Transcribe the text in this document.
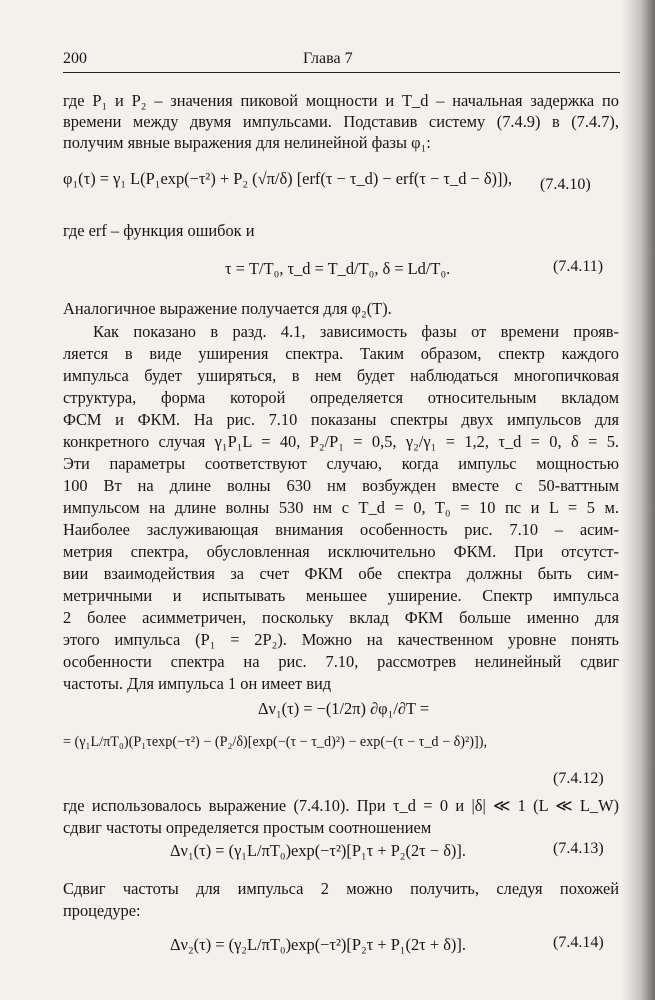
200	Глава 7
где P₁ и P₂ – значения пиковой мощности и T_d – начальная задержка по
времени между двумя импульсами. Подставив систему (7.4.9) в (7.4.7),
получим явные выражения для нелинейной фазы φ₁:
φ₁(τ) = γ₁ L(P₁exp(−τ²) + P₂ (√π/δ) [erf(τ − τ_d) − erf(τ − τ_d − δ)]), (7.4.10)
где erf – функция ошибок и
τ = T/T₀, τ_d = T_d/T₀, δ = Ld/T₀.	(7.4.11)
Аналогичное выражение получается для φ₂(T).
Как показано в разд. 4.1, зависимость фазы от времени прояв-
ляется в виде уширения спектра. Таким образом, спектр каждого
импульса будет уширяться, в нем будет наблюдаться многопичковая
структура, форма которой определяется относительным вкладом
ФСМ и ФКМ. На рис. 7.10 показаны спектры двух импульсов для
конкретного случая γ₁P₁L = 40, P₂/P₁ = 0,5, γ₂/γ₁ = 1,2, τ_d = 0, δ = 5.
Эти параметры соответствуют случаю, когда импульс мощностью
100 Вт на длине волны 630 нм возбужден вместе с 50-ваттным
импульсом на длине волны 530 нм с T_d = 0, T₀ = 10 пс и L = 5 м.
Наиболее заслуживающая внимания особенность рис. 7.10 – асим-
метрия спектра, обусловленная исключительно ФКМ. При отсутст-
вии взаимодействия за счет ФКМ обе спектра должны быть сим-
метричными и испытывать меньшее уширение. Спектр импульса
2 более асимметричен, поскольку вклад ФКМ больше именно для
этого импульса (P₁ = 2P₂). Можно на качественном уровне понять
особенности спектра на рис. 7.10, рассмотрев нелинейный сдвиг
частоты. Для импульса 1 он имеет вид
Δν₁(τ) = −(1/2π) ∂φ₁/∂T =
= (γ₁L/πT₀)(P₁τexp(−τ²) − (P₂/δ)[exp(−(τ − τ_d)²) − exp(−(τ − τ_d − δ)²)]),
(7.4.12)
где использовалось выражение (7.4.10). При τ_d = 0 и |δ| ≪ 1 (L ≪ L_W)
сдвиг частоты определяется простым соотношением
Δν₁(τ) = (γ₁L/πT₀)exp(−τ²)[P₁τ + P₂(2τ − δ)].	(7.4.13)
Сдвиг частоты для импульса 2 можно получить, следуя похожей
процедуре:
Δν₂(τ) = (γ₂L/πT₀)exp(−τ²)[P₂τ + P₁(2τ + δ)].	(7.4.14)
